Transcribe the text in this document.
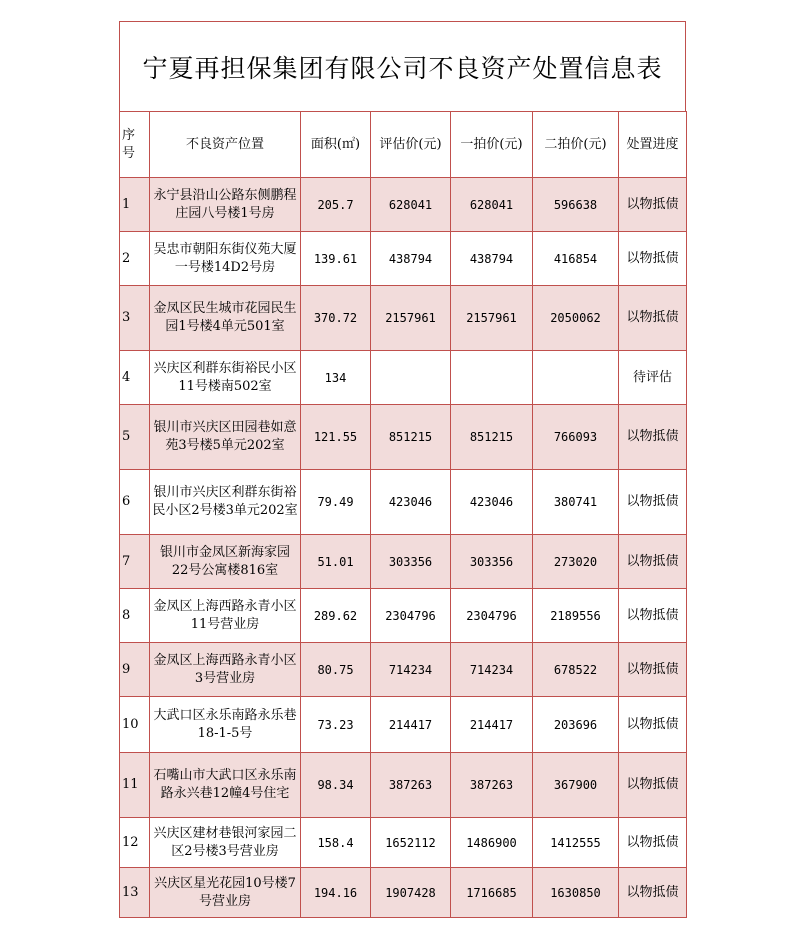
宁夏再担保集团有限公司不良资产处置信息表
序号	不良资产位置	面积(㎡)	评估价(元)	一拍价(元)	二拍价(元)	处置进度
1	永宁县沿山公路东侧鹏程庄园八号楼1号房	205.7	628041	628041	596638	以物抵债
2	吴忠市朝阳东街仪苑大厦一号楼14D2号房	139.61	438794	438794	416854	以物抵债
3	金凤区民生城市花园民生园1号楼4单元501室	370.72	2157961	2157961	2050062	以物抵债
4	兴庆区利群东街裕民小区11号楼南502室	134				待评估
5	银川市兴庆区田园巷如意苑3号楼5单元202室	121.55	851215	851215	766093	以物抵债
6	银川市兴庆区利群东街裕民小区2号楼3单元202室	79.49	423046	423046	380741	以物抵债
7	银川市金凤区新海家园22号公寓楼816室	51.01	303356	303356	273020	以物抵债
8	金凤区上海西路永青小区11号营业房	289.62	2304796	2304796	2189556	以物抵债
9	金凤区上海西路永青小区3号营业房	80.75	714234	714234	678522	以物抵债
10	大武口区永乐南路永乐巷18-1-5号	73.23	214417	214417	203696	以物抵债
11	石嘴山市大武口区永乐南路永兴巷12幢4号住宅	98.34	387263	387263	367900	以物抵债
12	兴庆区建材巷银河家园二区2号楼3号营业房	158.4	1652112	1486900	1412555	以物抵债
13	兴庆区星光花园10号楼7号营业房	194.16	1907428	1716685	1630850	以物抵债
